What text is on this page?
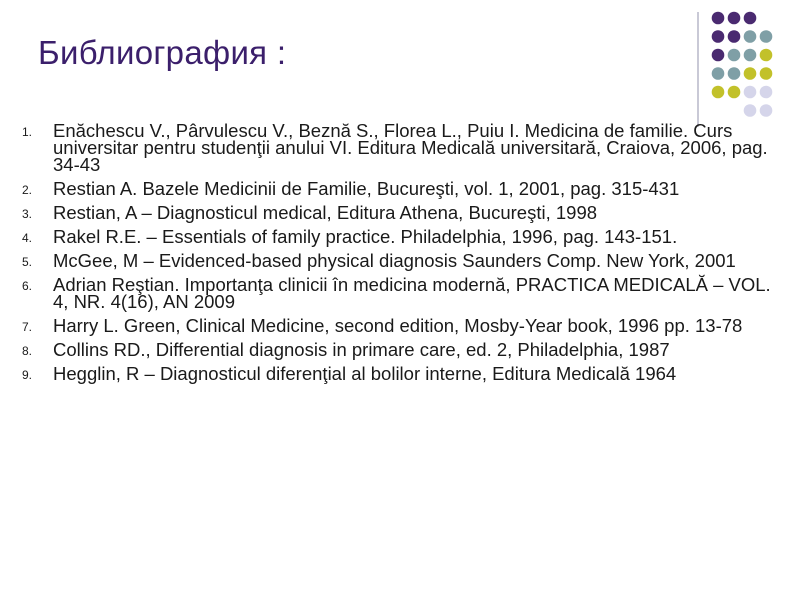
Библиография :
1. Enăchescu V., Pârvulescu V., Beznă S., Florea L., Puiu I. Medicina de familie. Curs universitar pentru studenţii anului VI. Editura Medicală universitară, Craiova, 2006, pag. 34-43
2. Restian A. Bazele Medicinii de Familie, Bucureşti, vol. 1, 2001, pag. 315-431
3. Restian, A – Diagnosticul medical, Editura Athena, Bucureşti, 1998
4. Rakel R.E. – Essentials of family practice. Philadelphia, 1996, pag. 143-151.
5. McGee, M – Evidenced-based physical diagnosis Saunders Comp. New York, 2001
6. Adrian Reştian. Importanţa clinicii în medicina modernă, PRACTICA MEDICALĂ – VOL. 4, NR. 4(16), AN 2009
7. Harry L. Green, Clinical Medicine, second edition, Mosby-Year book, 1996 pp. 13-78
8. Collins RD., Differential diagnosis in primare care, ed. 2, Philadelphia, 1987
9. Hegglin, R – Diagnosticul diferenţial al bolilor interne, Editura Medicală 1964
